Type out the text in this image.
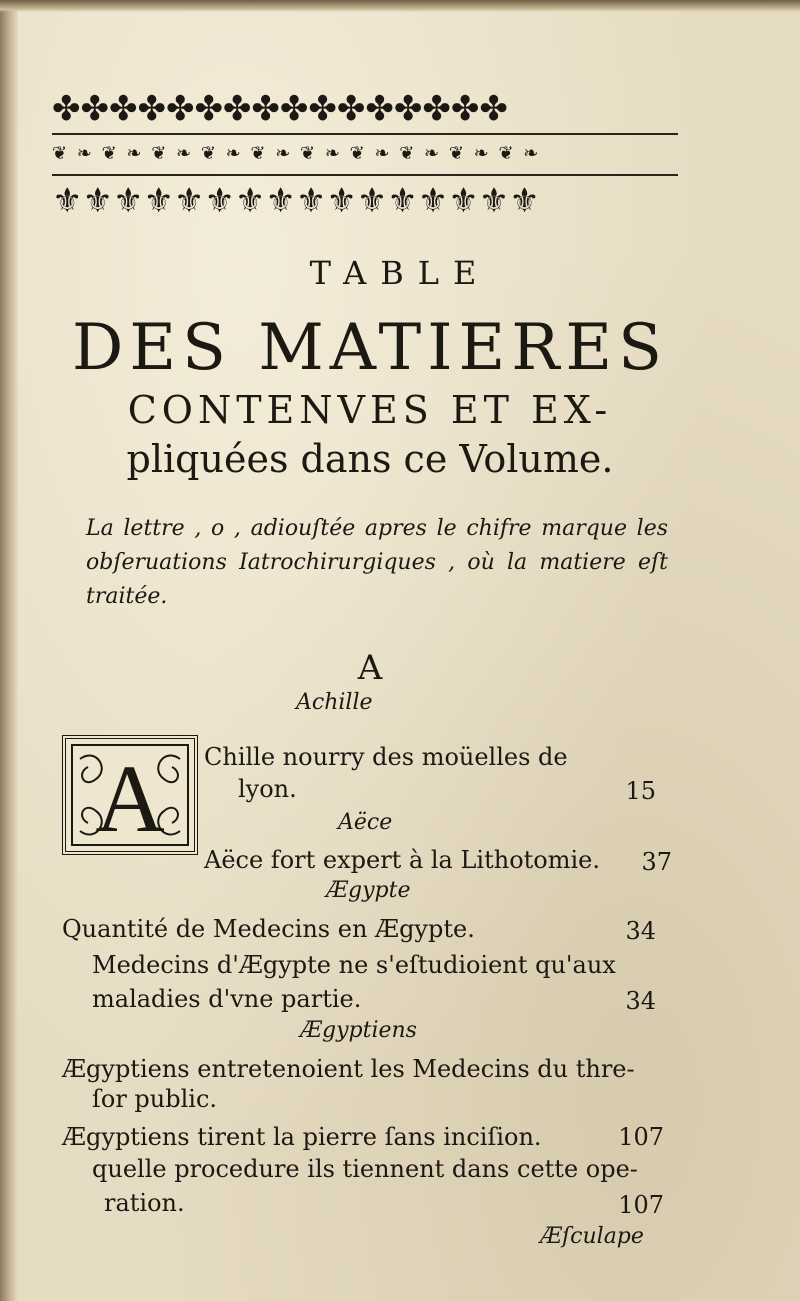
✤✤✤✤✤✤✤✤✤✤✤✤✤✤✤✤
❦ ❧ ❦ ❧ ❦ ❧ ❦ ❧ ❦ ❧ ❦ ❧ ❦ ❧ ❦ ❧ ❦ ❧ ❦ ❧
⚜⚜⚜⚜⚜⚜⚜⚜⚜⚜⚜⚜⚜⚜⚜⚜
TABLE
DES MATIERES
CONTENVES ET EX-
pliquées dans ce Volume.
La lettre , o , adiouſtée apres le chifre marque les obſeruations Iatrochirurgiques , où la matiere eſt traitée.
A
Achille
A Chille nourry des moüelles de
lyon.	15
Aëce
Aëce fort expert à la Lithotomie.	37
Ægypte
Quantité de Medecins en Ægypte.	34
Medecins d'Ægypte ne s'eſtudioient qu'aux
maladies d'vne partie.	34
Ægyptiens
Ægyptiens entretenoient les Medecins du thre-
ſor public.
Ægyptiens tirent la pierre ſans inciſion.	107
quelle procedure ils tiennent dans cette ope-
ration.	107
Æſculape
